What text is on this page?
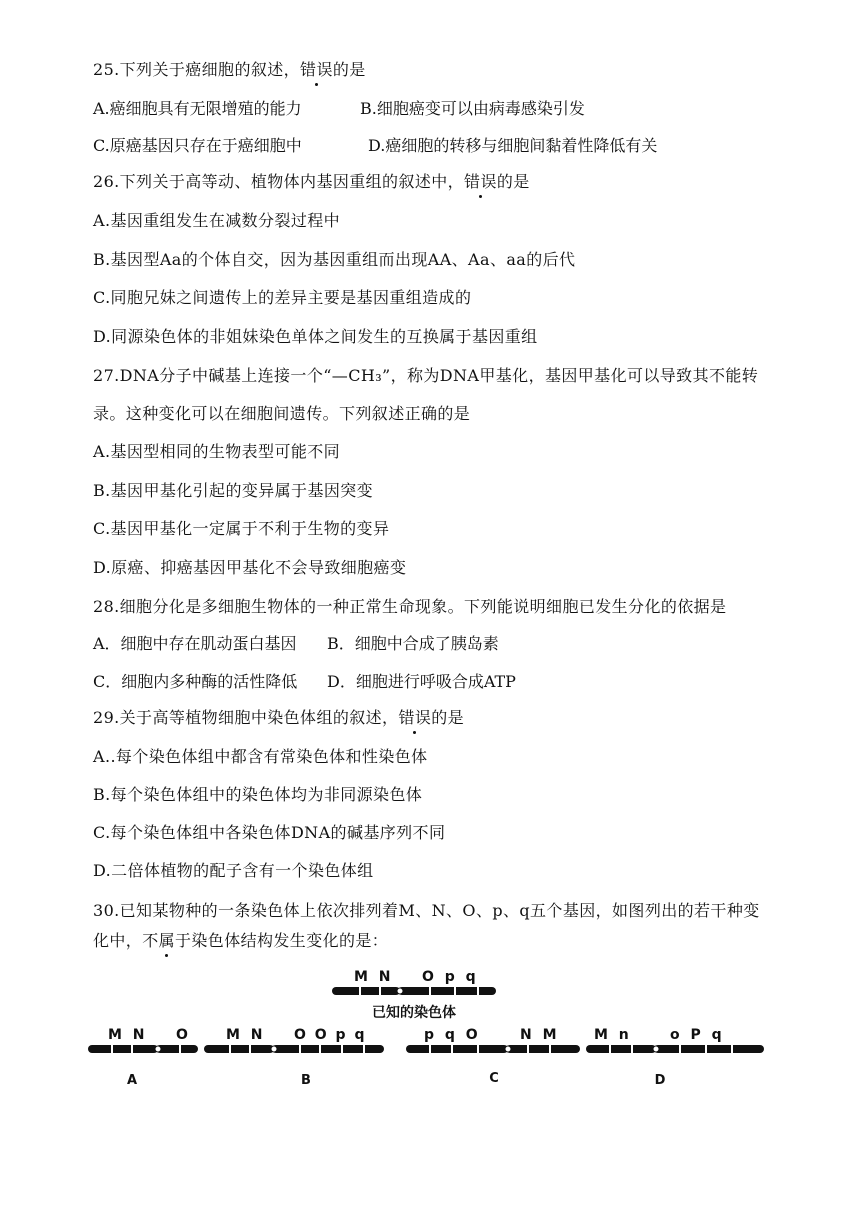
25.下列关于癌细胞的叙述，错误的是
A.癌细胞具有无限增殖的能力	B.细胞癌变可以由病毒感染引发
C.原癌基因只存在于癌细胞中	D.癌细胞的转移与细胞间黏着性降低有关
26.下列关于高等动、植物体内基因重组的叙述中，错误的是
A.基因重组发生在减数分裂过程中
B.基因型Aa的个体自交，因为基因重组而出现AA、Aa、aa的后代
C.同胞兄妹之间遗传上的差异主要是基因重组造成的
D.同源染色体的非姐妹染色单体之间发生的互换属于基因重组
27.DNA分子中碱基上连接一个“—CH₃”，称为DNA甲基化，基因甲基化可以导致其不能转
录。这种变化可以在细胞间遗传。下列叙述正确的是
A.基因型相同的生物表型可能不同
B.基因甲基化引起的变异属于基因突变
C.基因甲基化一定属于不利于生物的变异
D.原癌、抑癌基因甲基化不会导致细胞癌变
28.细胞分化是多细胞生物体的一种正常生命现象。下列能说明细胞已发生分化的依据是
A．细胞中存在肌动蛋白基因 B．细胞中合成了胰岛素
C．细胞内多种酶的活性降低 D．细胞进行呼吸合成ATP
29.关于高等植物细胞中染色体组的叙述，错误的是
A..每个染色体组中都含有常染色体和性染色体
B.每个染色体组中的染色体均为非同源染色体
C.每个染色体组中各染色体DNA的碱基序列不同
D.二倍体植物的配子含有一个染色体组
30.已知某物种的一条染色体上依次排列着M、N、O、p、q五个基因，如图列出的若干种变
化中，不属于染色体结构发生变化的是：
M N O p q
已知的染色体
M N O
A
M N O O p q
B
p q O	N M
C
M n	o P q
D
